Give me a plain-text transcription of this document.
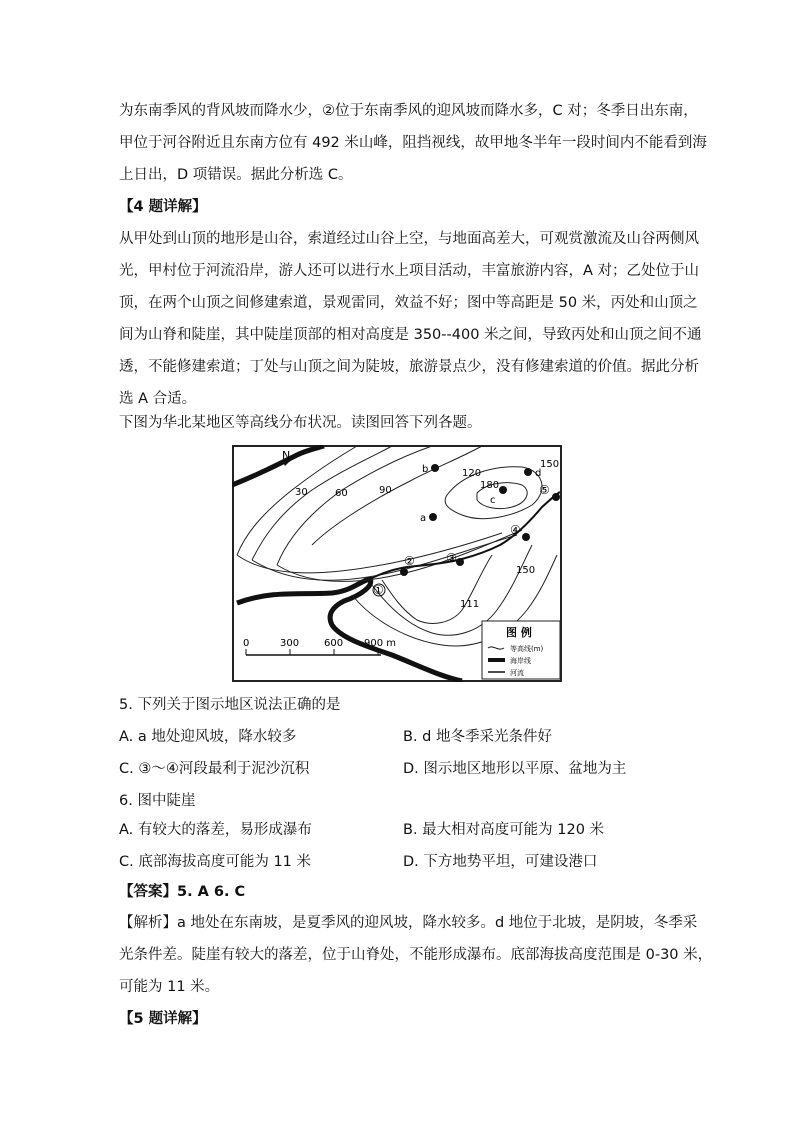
为东南季风的背风坡而降水少，②位于东南季风的迎风坡而降水多，C 对；冬季日出东南，
甲位于河谷附近且东南方位有 492 米山峰，阻挡视线，故甲地冬半年一段时间内不能看到海
上日出，D 项错误。据此分析选 C。
【4 题详解】
从甲处到山顶的地形是山谷，索道经过山谷上空，与地面高差大，可观赏激流及山谷两侧风
光，甲村位于河流沿岸，游人还可以进行水上项目活动，丰富旅游内容，A 对；乙处位于山
顶，在两个山顶之间修建索道，景观雷同，效益不好；图中等高距是 50 米，丙处和山顶之
间为山脊和陡崖，其中陡崖顶部的相对高度是 350--400 米之间，导致丙处和山顶之间不通
透，不能修建索道；丁处与山顶之间为陡坡，旅游景点少，没有修建索道的价值。据此分析
选 A 合适。
下图为华北某地区等高线分布状况。读图回答下列各题。
N
30	60	90
120
180
150
150
111
a
b
c
d
①
②	③
④
⑤
图 例
等高线(m)
海岸线
河流
0	300 600 900 m
5. 下列关于图示地区说法正确的是
A. a 地处迎风坡，降水较多	B. d 地冬季采光条件好
C. ③～④河段最利于泥沙沉积	D. 图示地区地形以平原、盆地为主
6. 图中陡崖
A. 有较大的落差，易形成瀑布	B. 最大相对高度可能为 120 米
C. 底部海拔高度可能为 11 米	D. 下方地势平坦，可建设港口
【答案】5. A 6. C
【解析】a 地处在东南坡，是夏季风的迎风坡，降水较多。d 地位于北坡，是阴坡，冬季采
光条件差。陡崖有较大的落差，位于山脊处，不能形成瀑布。底部海拔高度范围是 0-30 米，
可能为 11 米。
【5 题详解】
